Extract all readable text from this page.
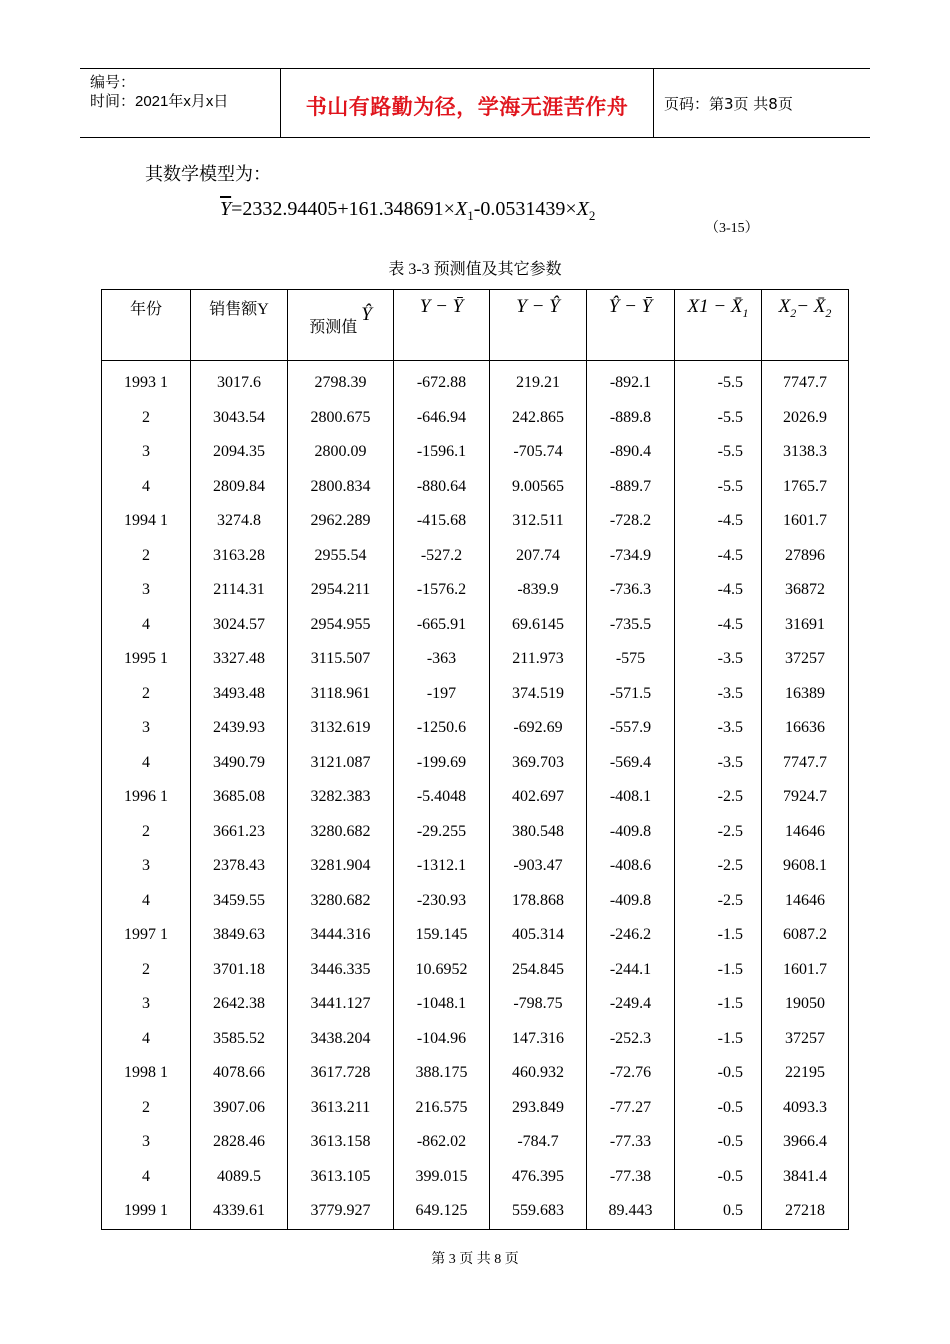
编号：
时间：2021年x月x日	书山有路勤为径，学海无涯苦作舟	页码：第3页 共8页
其数学模型为：
$\overline{Y}=2332.94405+161.348691\times X_1-0.0531439\times X_2$
（3-15）
表 3-3 预测值及其它参数
年份	销售额Y	预测值 Ŷ	Y − Ȳ	Y − Ŷ	Ŷ − Ȳ	$X1 - X̄_1$	$X_2-$ $X̄_2$
1993 1	3017.6	2798.39	-672.88	219.21	-892.1	-5.5	7747.7
2	3043.54	2800.675	-646.94	242.865	-889.8	-5.5	2026.9
3	2094.35	2800.09	-1596.1	-705.74	-890.4	-5.5	3138.3
4	2809.84	2800.834	-880.64	9.00565	-889.7	-5.5	1765.7
1994 1	3274.8	2962.289	-415.68	312.511	-728.2	-4.5	1601.7
2	3163.28	2955.54	-527.2	207.74	-734.9	-4.5	27896
3	2114.31	2954.211	-1576.2	-839.9	-736.3	-4.5	36872
4	3024.57	2954.955	-665.91	69.6145	-735.5	-4.5	31691
1995 1	3327.48	3115.507	-363	211.973	-575	-3.5	37257
2	3493.48	3118.961	-197	374.519	-571.5	-3.5	16389
3	2439.93	3132.619	-1250.6	-692.69	-557.9	-3.5	16636
4	3490.79	3121.087	-199.69	369.703	-569.4	-3.5	7747.7
1996 1	3685.08	3282.383	-5.4048	402.697	-408.1	-2.5	7924.7
2	3661.23	3280.682	-29.255	380.548	-409.8	-2.5	14646
3	2378.43	3281.904	-1312.1	-903.47	-408.6	-2.5	9608.1
4	3459.55	3280.682	-230.93	178.868	-409.8	-2.5	14646
1997 1	3849.63	3444.316	159.145	405.314	-246.2	-1.5	6087.2
2	3701.18	3446.335	10.6952	254.845	-244.1	-1.5	1601.7
3	2642.38	3441.127	-1048.1	-798.75	-249.4	-1.5	19050
4	3585.52	3438.204	-104.96	147.316	-252.3	-1.5	37257
1998 1	4078.66	3617.728	388.175	460.932	-72.76	-0.5	22195
2	3907.06	3613.211	216.575	293.849	-77.27	-0.5	4093.3
3	2828.46	3613.158	-862.02	-784.7	-77.33	-0.5	3966.4
4	4089.5	3613.105	399.015	476.395	-77.38	-0.5	3841.4
1999 1	4339.61	3779.927	649.125	559.683	89.443	0.5	27218
第 3 页 共 8 页
